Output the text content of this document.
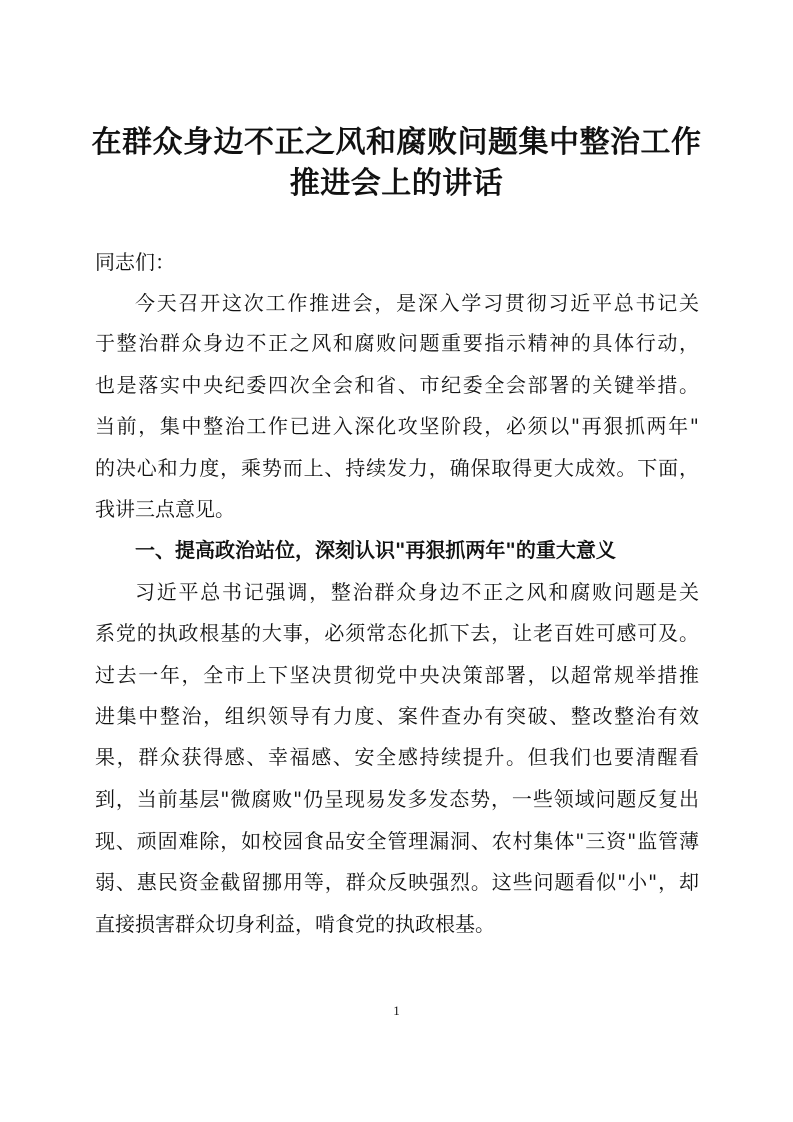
在群众身边不正之风和腐败问题集中整治工作
推进会上的讲话
同志们：
今天召开这次工作推进会，是深入学习贯彻习近平总书记关
于整治群众身边不正之风和腐败问题重要指示精神的具体行动，
也是落实中央纪委四次全会和省、市纪委全会部署的关键举措。
当前，集中整治工作已进入深化攻坚阶段，必须以"再狠抓两年"
的决心和力度，乘势而上、持续发力，确保取得更大成效。下面，
我讲三点意见。
一、提高政治站位，深刻认识"再狠抓两年"的重大意义
习近平总书记强调，整治群众身边不正之风和腐败问题是关
系党的执政根基的大事，必须常态化抓下去，让老百姓可感可及。
过去一年，全市上下坚决贯彻党中央决策部署，以超常规举措推
进集中整治，组织领导有力度、案件查办有突破、整改整治有效
果，群众获得感、幸福感、安全感持续提升。但我们也要清醒看
到，当前基层"微腐败"仍呈现易发多发态势，一些领域问题反复出
现、顽固难除，如校园食品安全管理漏洞、农村集体"三资"监管薄
弱、惠民资金截留挪用等，群众反映强烈。这些问题看似"小"，却
直接损害群众切身利益，啃食党的执政根基。
1
